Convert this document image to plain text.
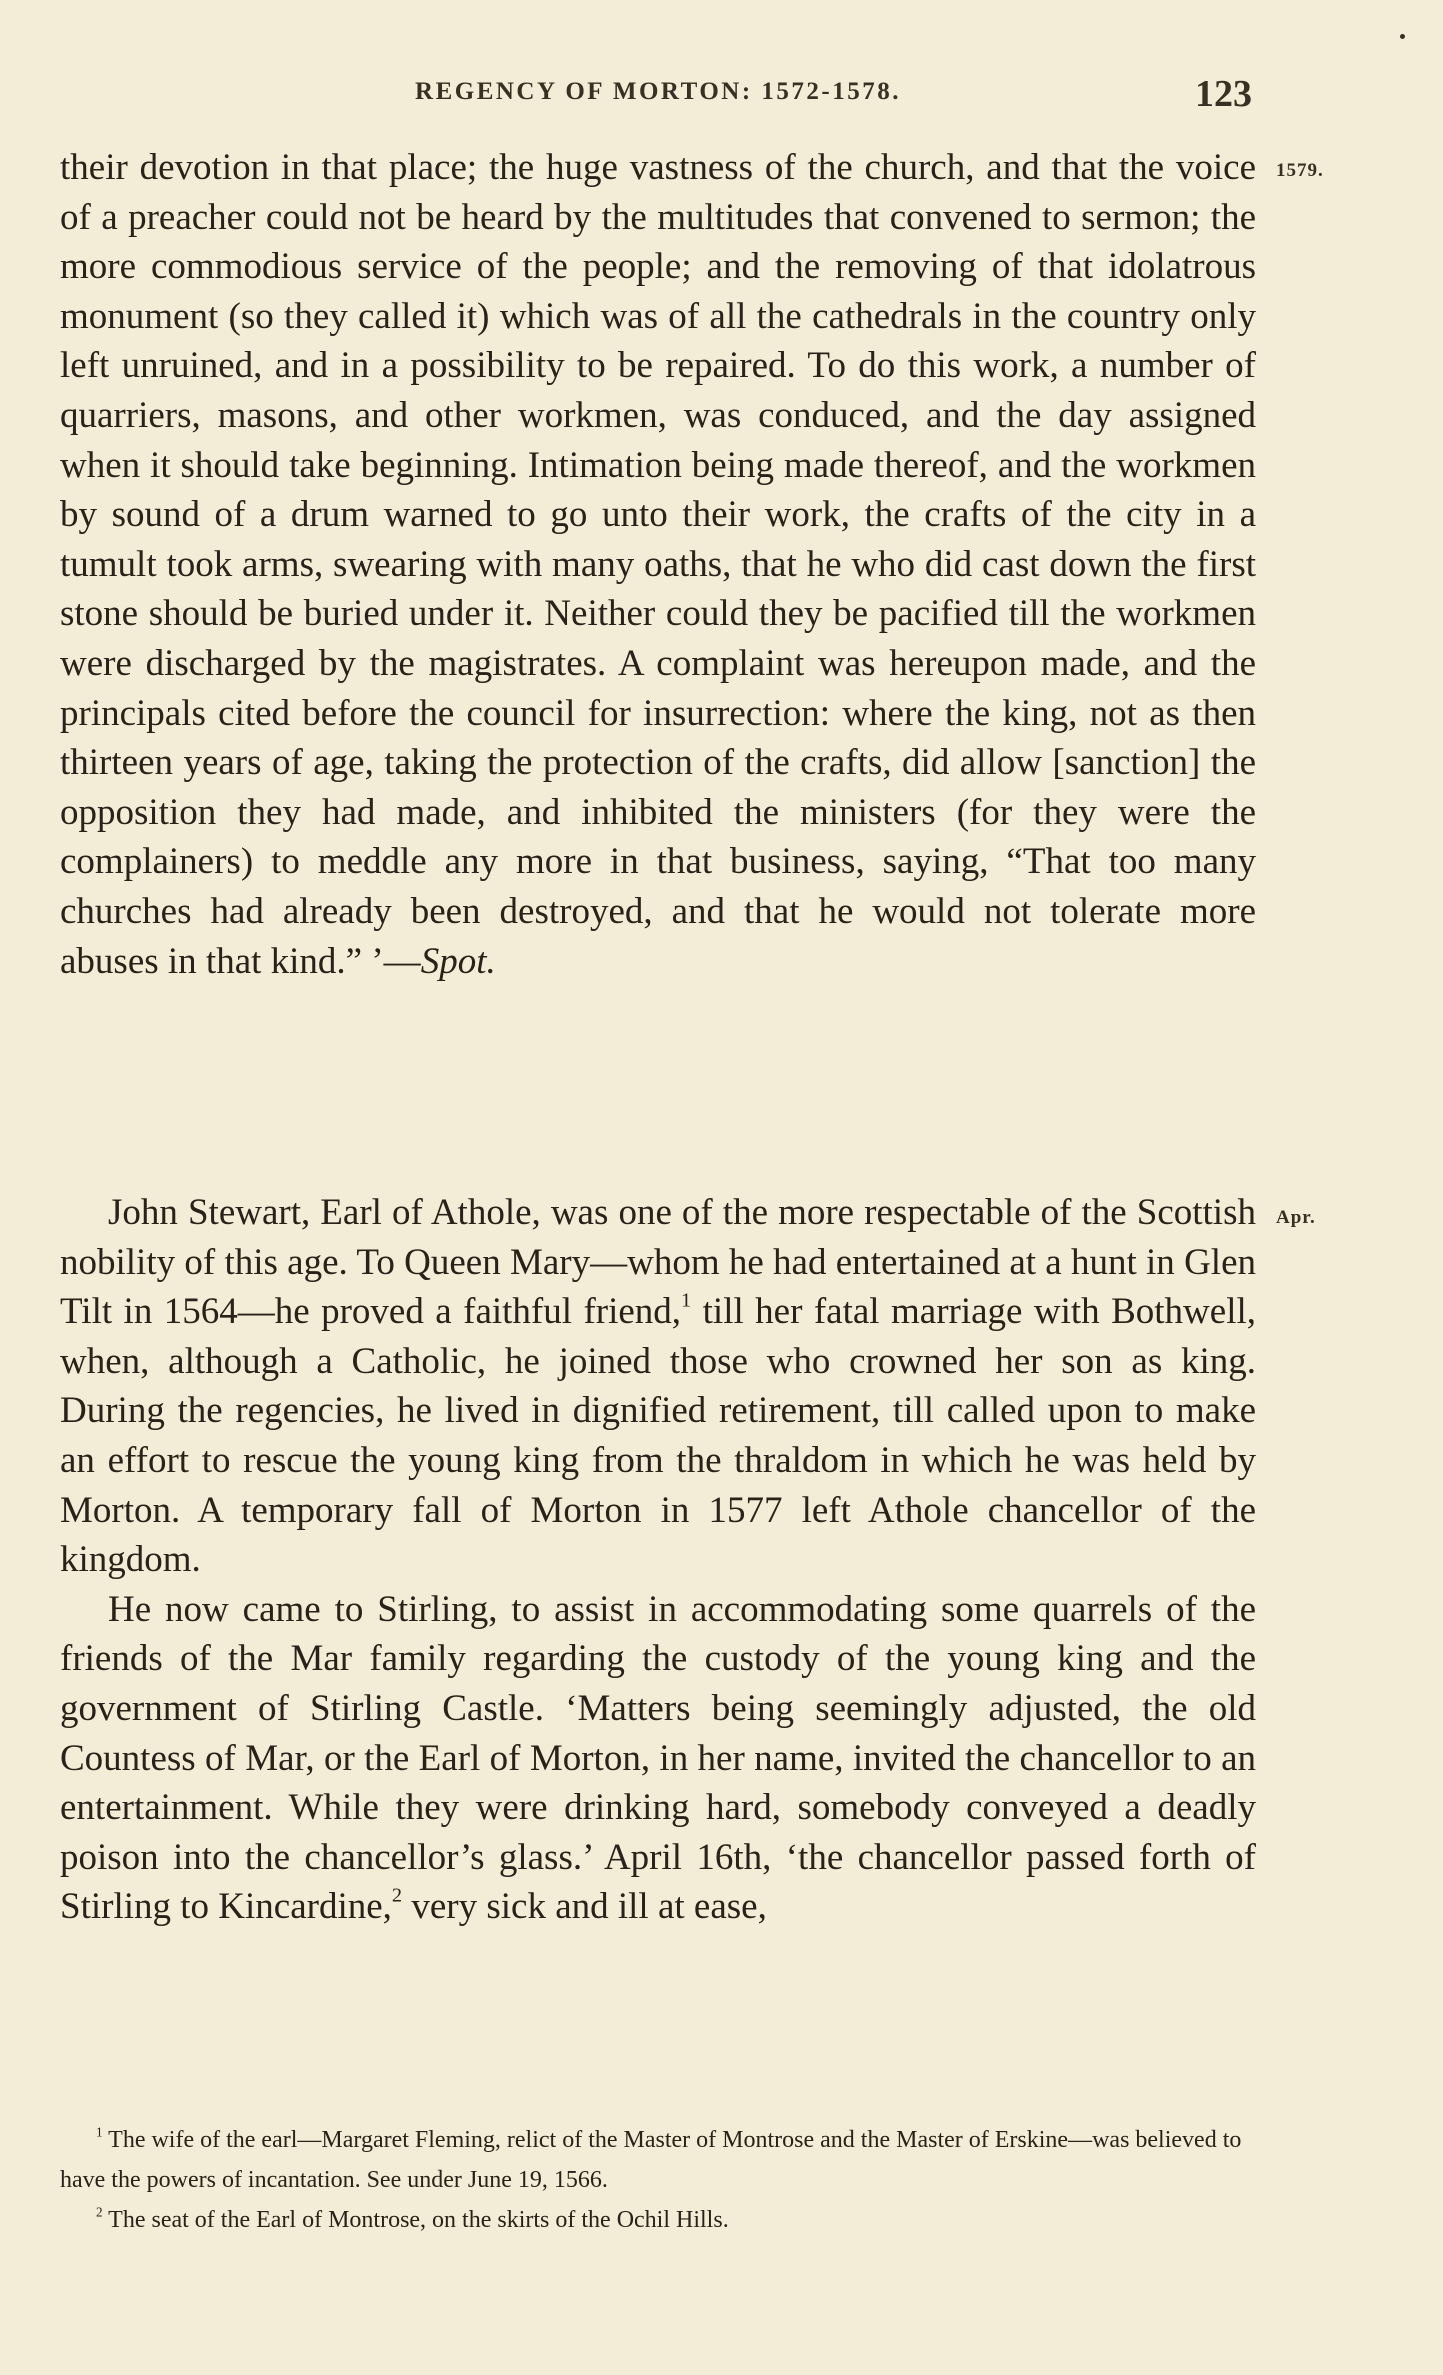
REGENCY OF MORTON: 1572-1578.	123
1579.
Apr.

their devotion in that place; the huge vastness of the church, and that the voice of a preacher could not be heard by the multitudes that convened to sermon; the more commodious service of the people; and the removing of that idolatrous monument (so they called it) which was of all the cathedrals in the country only left unruined, and in a possibility to be repaired. To do this work, a number of quarriers, masons, and other workmen, was conduced, and the day assigned when it should take beginning. Intimation being made thereof, and the workmen by sound of a drum warned to go unto their work, the crafts of the city in a tumult took arms, swearing with many oaths, that he who did cast down the first stone should be buried under it. Neither could they be pacified till the workmen were discharged by the magistrates. A complaint was hereupon made, and the principals cited before the council for insurrection: where the king, not as then thirteen years of age, taking the protection of the crafts, did allow [sanction] the opposition they had made, and inhibited the ministers (for they were the complainers) to meddle any more in that business, saying, “That too many churches had already been destroyed, and that he would not tolerate more abuses in that kind.” ’—Spot.

John Stewart, Earl of Athole, was one of the more respectable of the Scottish nobility of this age. To Queen Mary—whom he had entertained at a hunt in Glen Tilt in 1564—he proved a faithful friend,$^1$ till her fatal marriage with Bothwell, when, although a Catholic, he joined those who crowned her son as king. During the regencies, he lived in dignified retirement, till called upon to make an effort to rescue the young king from the thraldom in which he was held by Morton. A temporary fall of Morton in 1577 left Athole chancellor of the kingdom.

He now came to Stirling, to assist in accommodating some quarrels of the friends of the Mar family regarding the custody of the young king and the government of Stirling Castle. ‘Matters being seemingly adjusted, the old Countess of Mar, or the Earl of Morton, in her name, invited the chancellor to an entertainment. While they were drinking hard, somebody conveyed a deadly poison into the chancellor’s glass.’ April 16th, ‘the chancellor passed forth of Stirling to Kincardine,$^2$ very sick and ill at ease,

$^1$ The wife of the earl—Margaret Fleming, relict of the Master of Montrose and the Master of Erskine—was believed to have the powers of incantation. See under June 19, 1566.

$^2$ The seat of the Earl of Montrose, on the skirts of the Ochil Hills.
